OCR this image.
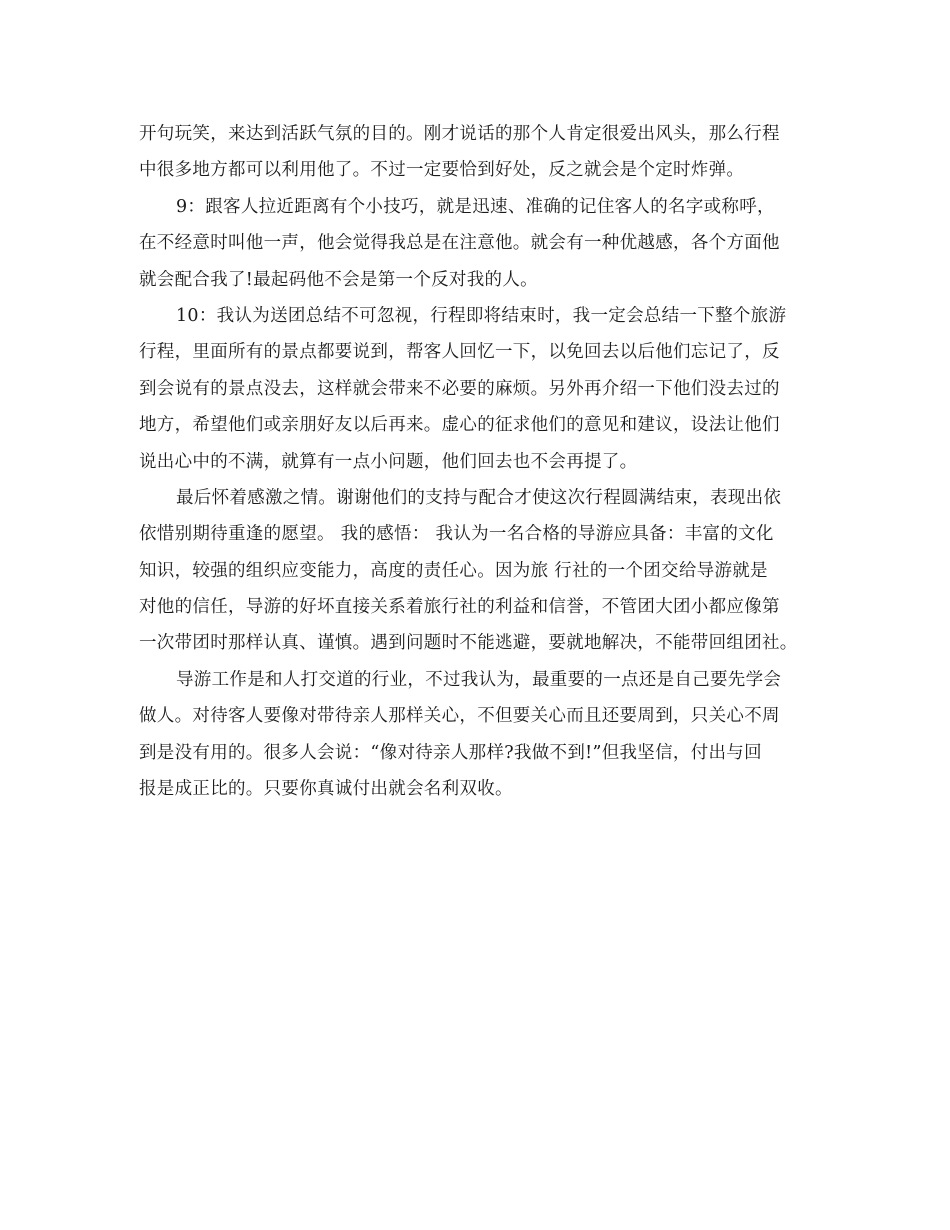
开句玩笑，来达到活跃气氛的目的。刚才说话的那个人肯定很爱出风头，那么行程
中很多地方都可以利用他了。不过一定要恰到好处，反之就会是个定时炸弹。
9：跟客人拉近距离有个小技巧，就是迅速、准确的记住客人的名字或称呼，
在不经意时叫他一声，他会觉得我总是在注意他。就会有一种优越感，各个方面他
就会配合我了!最起码他不会是第一个反对我的人。
10：我认为送团总结不可忽视，行程即将结束时，我一定会总结一下整个旅游
行程，里面所有的景点都要说到，帮客人回忆一下，以免回去以后他们忘记了，反
到会说有的景点没去，这样就会带来不必要的麻烦。另外再介绍一下他们没去过的
地方，希望他们或亲朋好友以后再来。虚心的征求他们的意见和建议，设法让他们
说出心中的不满，就算有一点小问题，他们回去也不会再提了。
最后怀着感激之情。谢谢他们的支持与配合才使这次行程圆满结束，表现出依
依惜别期待重逢的愿望。 我的感悟： 我认为一名合格的导游应具备：丰富的文化
知识，较强的组织应变能力，高度的责任心。因为旅 行社的一个团交给导游就是
对他的信任，导游的好坏直接关系着旅行社的利益和信誉，不管团大团小都应像第
一次带团时那样认真、谨慎。遇到问题时不能逃避，要就地解决，不能带回组团社。
导游工作是和人打交道的行业，不过我认为，最重要的一点还是自己要先学会
做人。对待客人要像对带待亲人那样关心，不但要关心而且还要周到，只关心不周
到是没有用的。很多人会说：“像对待亲人那样?我做不到!”但我坚信，付出与回
报是成正比的。只要你真诚付出就会名利双收。
